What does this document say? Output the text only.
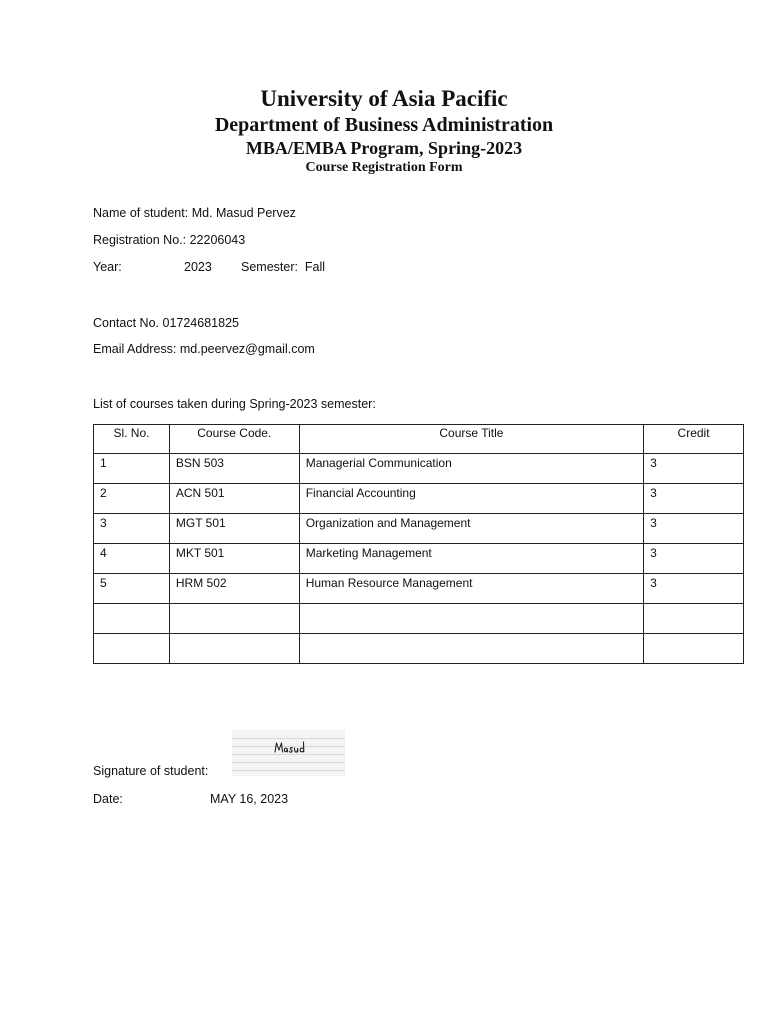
University of Asia Pacific
Department of Business Administration
MBA/EMBA Program, Spring-2023
Course Registration Form
Name of student: Md. Masud Pervez
Registration No.: 22206043
Year:	2023 Semester: Fall
Contact No. 01724681825
Email Address: md.peervez@gmail.com
List of courses taken during Spring-2023 semester:
Sl. No.	Course Code.	Course Title	Credit
1	BSN 503	Managerial Communication	3
2	ACN 501	Financial Accounting	3
3	MGT 501	Organization and Management	3
4	MKT 501	Marketing Management	3
5	HRM 502	Human Resource Management	3

Signature of student:
Date:	MAY 16, 2023
